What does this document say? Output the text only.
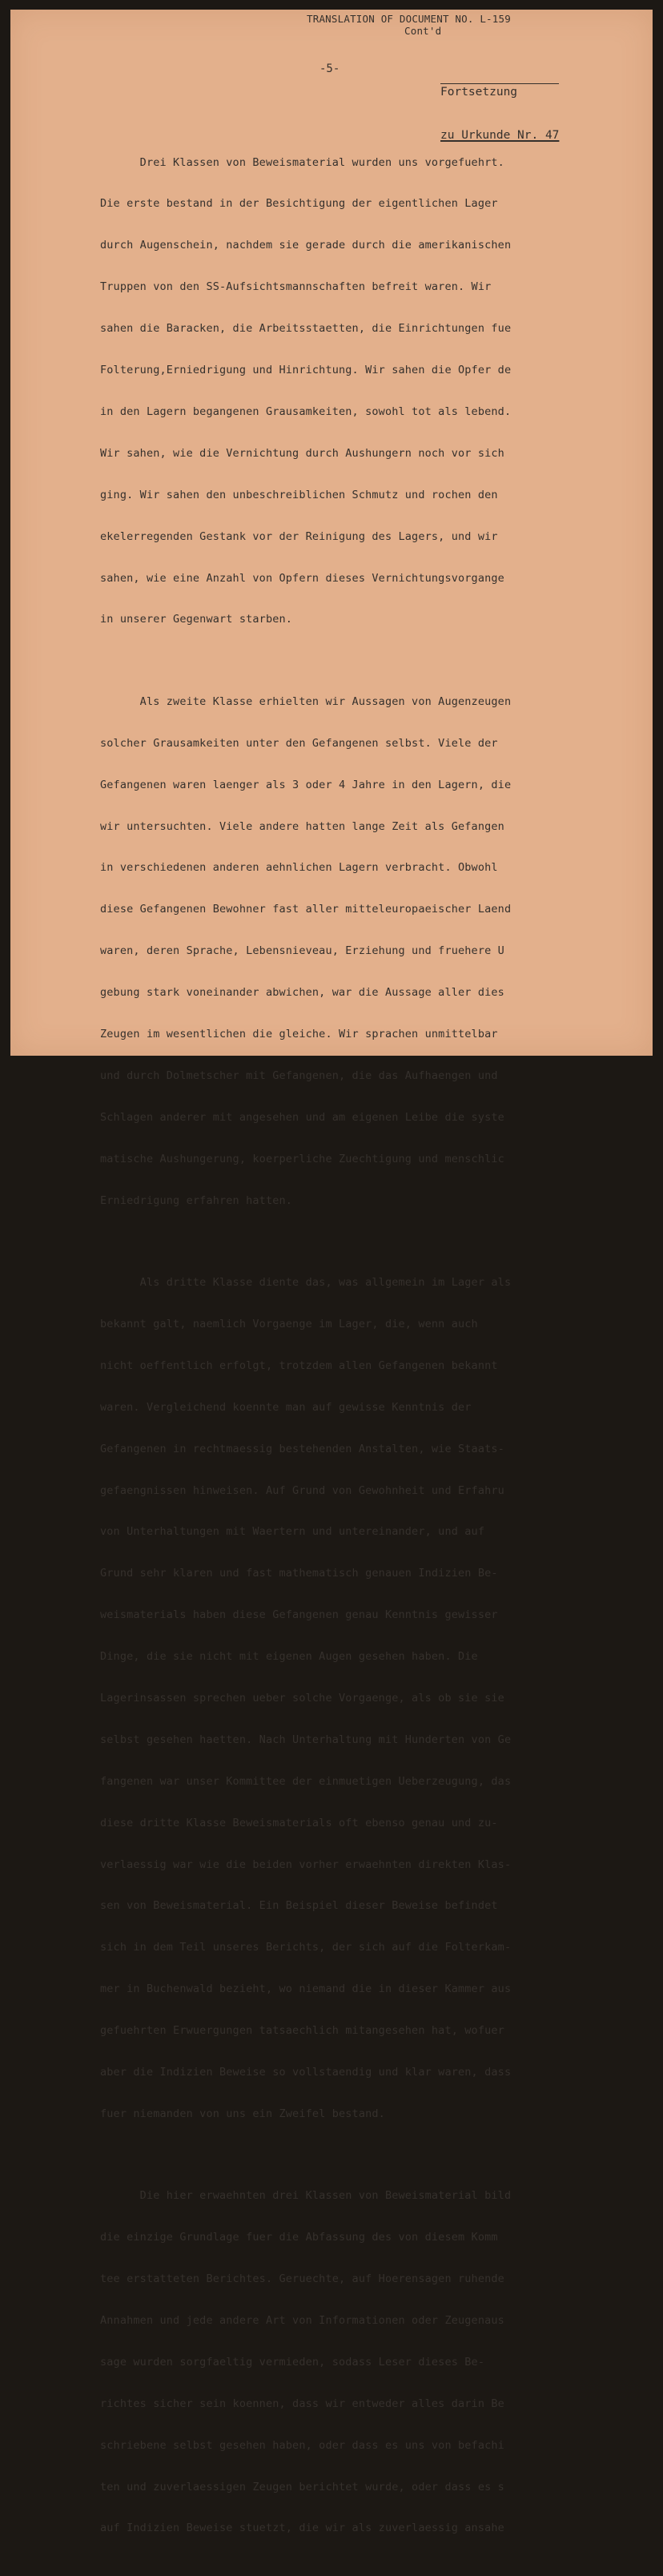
TRANSLATION OF DOCUMENT NO. L-159
Cont'd
-5-

Fortsetzung

zu Urkunde Nr. 47

Drei Klassen von Beweismaterial wurden uns vorgefuehrt.

Die erste bestand in der Besichtigung der eigentlichen Lager

durch Augenschein, nachdem sie gerade durch die amerikanischen

Truppen von den SS-Aufsichtsmannschaften befreit waren. Wir

sahen die Baracken, die Arbeitsstaetten, die Einrichtungen fue

Folterung,Erniedrigung und Hinrichtung. Wir sahen die Opfer de

in den Lagern begangenen Grausamkeiten, sowohl tot als lebend.

Wir sahen, wie die Vernichtung durch Aushungern noch vor sich

ging. Wir sahen den unbeschreiblichen Schmutz und rochen den

ekelerregenden Gestank vor der Reinigung des Lagers, und wir

sahen, wie eine Anzahl von Opfern dieses Vernichtungsvorgange

in unserer Gegenwart starben.

Als zweite Klasse erhielten wir Aussagen von Augenzeugen

solcher Grausamkeiten unter den Gefangenen selbst. Viele der

Gefangenen waren laenger als 3 oder 4 Jahre in den Lagern, die

wir untersuchten. Viele andere hatten lange Zeit als Gefangen

in verschiedenen anderen aehnlichen Lagern verbracht. Obwohl

diese Gefangenen Bewohner fast aller mitteleuropaeischer Laend

waren, deren Sprache, Lebensnieveau, Erziehung und fruehere U

gebung stark voneinander abwichen, war die Aussage aller dies

Zeugen im wesentlichen die gleiche. Wir sprachen unmittelbar

und durch Dolmetscher mit Gefangenen, die das Aufhaengen und

Schlagen anderer mit angesehen und am eigenen Leibe die syste

matische Aushungerung, koerperliche Zuechtigung und menschlic

Erniedrigung erfahren hatten.

Als dritte Klasse diente das, was allgemein im Lager als

bekannt galt, naemlich Vorgaenge im Lager, die, wenn auch

nicht oeffentlich erfolgt, trotzdem allen Gefangenen bekannt

waren. Vergleichend koennte man auf gewisse Kenntnis der

Gefangenen in rechtmaessig bestehenden Anstalten, wie Staats-

gefaengnissen hinweisen. Auf Grund von Gewohnheit und Erfahru

von Unterhaltungen mit Waertern und untereinander, und auf

Grund sehr klaren und fast mathematisch genauen Indizien Be-

weismaterials haben diese Gefangenen genau Kenntnis gewisser

Dinge, die sie nicht mit eigenen Augen gesehen haben. Die

Lagerinsassen sprechen ueber solche Vorgaenge, als ob sie sie

selbst gesehen haetten. Nach Unterhaltung mit Hunderten von Ge

fangenen war unser Kommittee der einmuetigen Ueberzeugung, das

diese dritte Klasse Beweismaterials oft ebenso genau und zu-

verlaessig war wie die beiden vorher erwaehnten direkten Klas-

sen von Beweismaterial. Ein Beispiel dieser Beweise befindet

sich in dem Teil unseres Berichts, der sich auf die Folterkam-

mer in Buchenwald bezieht, wo niemand die in dieser Kammer aus

gefuehrten Erwuergungen tatsaechlich mitangesehen hat, wofuer

aber die Indizien Beweise so vollstaendig und klar waren, dass

fuer niemanden von uns ein Zweifel bestand.

Die hier erwaehnten drei Klassen von Beweismaterial bild

die einzige Grundlage fuer die Abfassung des von diesem Komm

tee erstatteten Berichtes. Geruechte, auf Hoerensagen ruhende

Annahmen und jede andere Art von Informationen oder Zeugenaus

sage wurden sorgfaeltig vermieden, sodass Leser dieses Be-

richtes sicher sein koennen, dass wir entweder alles darin Be

schriebene selbst gesehen haben, oder dass es uns von befachi

ten und zuverlaessigen Zeugen berichtet wurde, oder dass es s

auf Indizien Beweise stuetzt, die wir als zuverlaessig ansahe
